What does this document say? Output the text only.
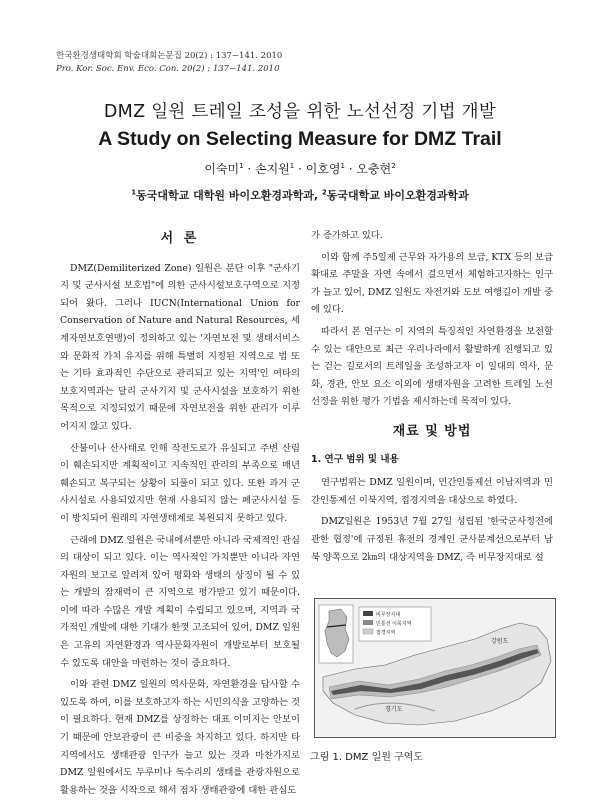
한국환경생태학회 학술대회논문집 20(2) : 137~141. 2010
Pro. Kor. Soc. Env. Eco. Con. 20(2) : 137~141. 2010
DMZ 일원 트레일 조성을 위한 노선선정 기법 개발
A Study on Selecting Measure for DMZ Trail
이숙미$^1$ · 손지원$^1$ · 이호영$^1$ · 오충현$^2$
$^1$동국대학교 대학원 바이오환경과학과, $^2$동국대학교 바이오환경과학과
서 론

DMZ(Demiliterized Zone) 일원은 분단 이후 "군사기지 및 군사시설 보호법"에 의한 군사시설보호구역으로 지정되어 왔다. 그러나 IUCN(International Union for Conservation of Nature and Natural Resources, 세계자연보호연맹)이 정의하고 있는 '자연보전 및 생태서비스와 문화적 가치 유지를 위해 특별히 지정된 지역으로 법 또는 기타 효과적인 수단으로 관리되고 있는 지역'인 여타의 보호지역과는 달리 군사기지 및 군사시설을 보호하기 위한 목적으로 지정되었기 때문에 자연보전을 위한 관리가 이루어지지 않고 있다.

산불이나 산사태로 인해 작전도로가 유실되고 주변 산림이 훼손되지만 계획적이고 지속적인 관리의 부족으로 매년 훼손되고 복구되는 상황이 되풀이 되고 있다. 또한 과거 군사시설로 사용되었지만 현재 사용되지 않는 폐군사시설 등이 방치되어 원래의 자연생태계로 복원되지 못하고 있다.

근래에 DMZ 일원은 국내에서뿐만 아니라 국제적인 관심의 대상이 되고 있다. 이는 역사적인 가치뿐만 아니라 자연자원의 보고로 알려져 있어 평화와 생태의 상징이 될 수 있는 개발의 잠재력이 큰 지역으로 평가받고 있기 때문이다. 이에 따라 수많은 개발 계획이 수립되고 있으며, 지역과 국가적인 개발에 대한 기대가 한껏 고조되어 있어, DMZ 일원은 고유의 자연환경과 역사문화자원이 개발로부터 보호될 수 있도록 대안을 마련하는 것이 중요하다.

이와 관련 DMZ 일원의 역사문화, 자연환경을 답사할 수 있도록 하여, 이를 보호하고자 하는 시민의식을 고양하는 것이 필요하다. 현재 DMZ를 상징하는 대표 이미지는 안보이기 때문에 안보관광이 큰 비중을 차지하고 있다. 하지만 타 지역에서도 생태관광 인구가 늘고 있는 것과 마찬가지로 DMZ 일원에서도 두루미나 독수리의 생태를 관광자원으로 활용하는 것을 시작으로 해서 점차 생태관광에 대한 관심도

가 증가하고 있다.

이와 함께 주5일제 근무와 자가용의 보급, KTX 등의 보급 확대로 주말을 자연 속에서 걸으면서 체험하고자하는 인구가 늘고 있어, DMZ 일원도 자전거와 도보 여행길이 개발 중에 있다.

따라서 본 연구는 이 지역의 특징적인 자연환경을 보전할 수 있는 대안으로 최근 우리나라에서 활발하게 진행되고 있는 걷는 길로서의 트레일을 조성하고자 이 일대의 역사, 문화, 경관, 안보 요소 이외에 생태자원을 고려한 트레일 노선 선정을 위한 평가 기법을 제시하는데 목적이 있다.

재료 및 방법
1. 연구 범위 및 내용

연구범위는 DMZ 일원이며, 민간인통제선 이남지역과 민간인통제선 이북지역, 접경지역을 대상으로 하였다.

DMZ일원은 1953년 7월 27일 성립된 '한국군사정전에 관한 협정'에 규정된 휴전의 경계인 군사분계선으로부터 남북 양쪽으로 2㎞의 대상지역을 DMZ, 즉 비무장지대로 설

비무장지대
민통선 이북지역
접경지역
경기도
강원도
그림 1. DMZ 일원 구역도
